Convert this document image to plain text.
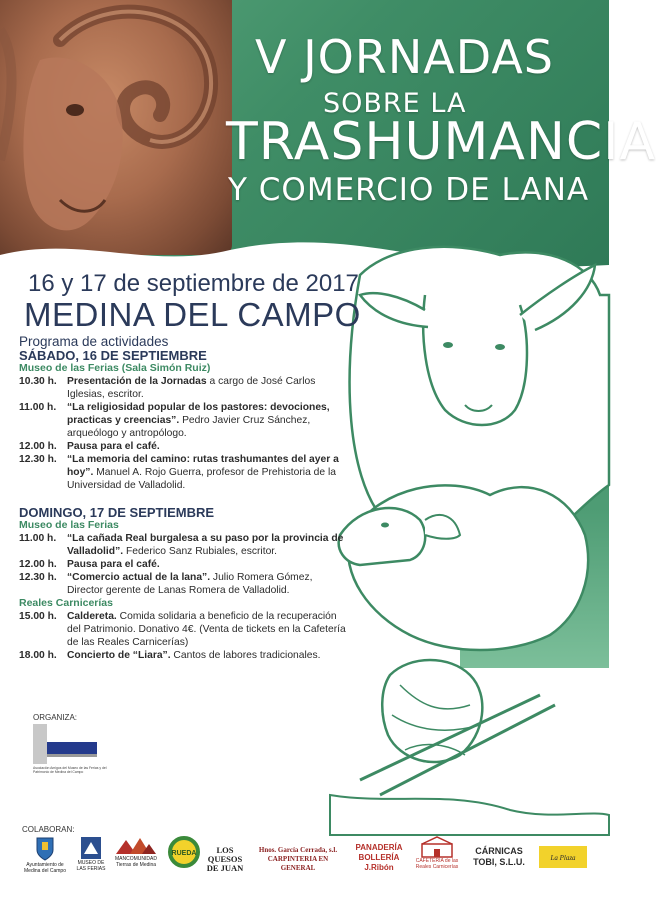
V JORNADAS
SOBRE LA
TRASHUMANCIA
Y COMERCIO DE LANA
16 y 17 de septiembre de 2017
MEDINA DEL CAMPO
Programa de actividades
SÁBADO, 16 DE SEPTIEMBRE
Museo de las Ferias (Sala Simón Ruiz)
10.30 h. Presentación de la Jornadas a cargo de José Carlos Iglesias, escritor.
11.00 h.	“La religiosidad popular de los pastores: devociones, practicas y creencias”. Pedro Javier Cruz Sánchez, arqueólogo y antropólogo.
12.00 h. Pausa para el café.
12.30 h. “La memoria del camino: rutas trashumantes del ayer a hoy”. Manuel A. Rojo Guerra, profesor de Prehistoria de la Universidad de Valladolid.
DOMINGO, 17 DE SEPTIEMBRE
Museo de las Ferias
11.00 h.	“La cañada Real burgalesa a su paso por la provincia de Valladolid”. Federico Sanz Rubiales, escritor.
12.00 h. Pausa para el café.
12.30 h. “Comercio actual de la lana”. Julio Romera Gómez, Director gerente de Lanas Romera de Valladolid.
Reales Carnicerías
15.00 h. Caldereta. Comida solidaria a beneficio de la recuperación del Patrimonio. Donativo 4€. (Venta de tickets en la Cafetería de las Reales Carnicerías)
18.00 h. Concierto de “Liara”. Cantos de labores tradicionales.
ORGANIZA:
Asociación Amigos del Museo de las Ferias y del Patrimonio de Medina del Campo
COLABORAN:
Ayuntamiento de Medina del Campo
MUSEO DE LAS FERIAS
MANCOMUNIDAD Tierras de Medina
RUEDA	LOS QUESOS DE JUAN
Hnos. García Cerrada, s.l. CARPINTERIA EN GENERAL
PANADERÍA BOLLERÍA J.Ribón
CAFETERÍA de las Reales Carnicerías
CÁRNICAS TOBI, S.L.U.	La Plaza
